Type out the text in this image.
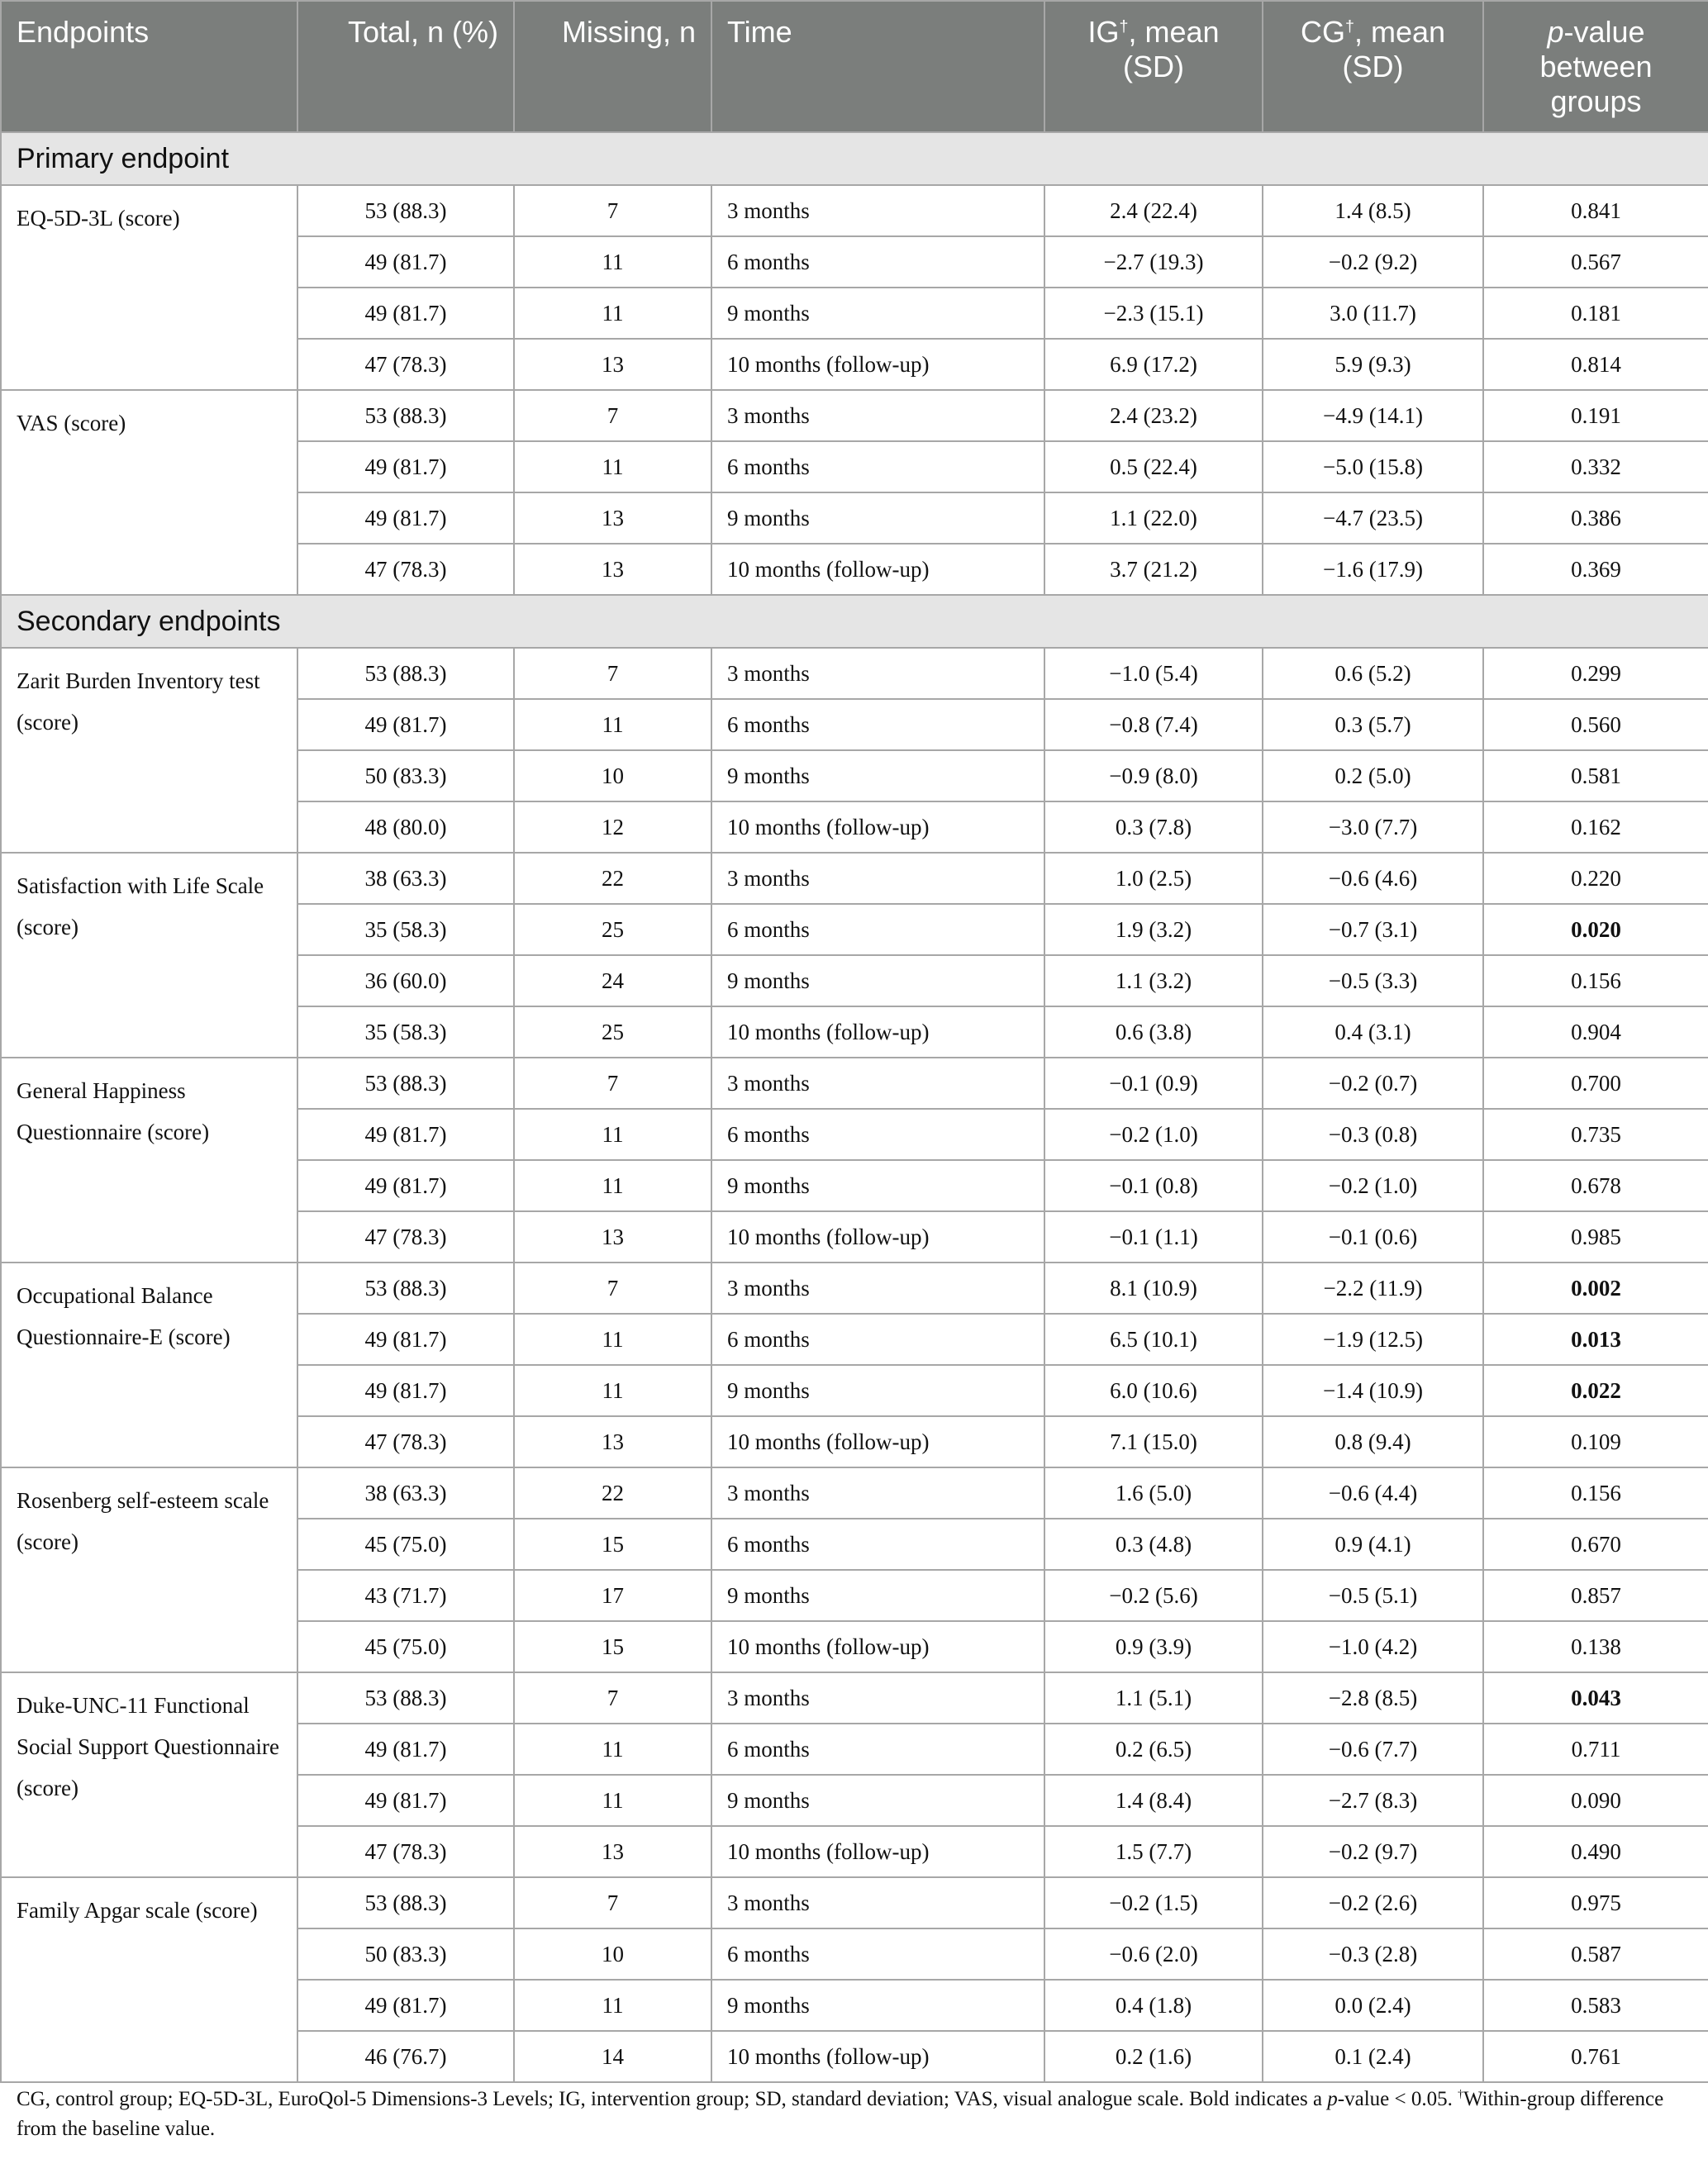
Endpoints	Total, n (%)	Missing, n	Time	IG†, mean (SD)	CG†, mean (SD)	p-value between groups
Primary endpoint						
EQ-5D-3L (score)	53 (88.3)	7	3 months	2.4 (22.4)	1.4 (8.5)	0.841
	49 (81.7)	11	6 months	−2.7 (19.3)	−0.2 (9.2)	0.567
	49 (81.7)	11	9 months	−2.3 (15.1)	3.0 (11.7)	0.181
	47 (78.3)	13	10 months (follow-up)	6.9 (17.2)	5.9 (9.3)	0.814
VAS (score)	53 (88.3)	7	3 months	2.4 (23.2)	−4.9 (14.1)	0.191
	49 (81.7)	11	6 months	0.5 (22.4)	−5.0 (15.8)	0.332
	49 (81.7)	13	9 months	1.1 (22.0)	−4.7 (23.5)	0.386
	47 (78.3)	13	10 months (follow-up)	3.7 (21.2)	−1.6 (17.9)	0.369
Secondary endpoints						
Zarit Burden Inventory test (score)	53 (88.3)	7	3 months	−1.0 (5.4)	0.6 (5.2)	0.299
	49 (81.7)	11	6 months	−0.8 (7.4)	0.3 (5.7)	0.560
	50 (83.3)	10	9 months	−0.9 (8.0)	0.2 (5.0)	0.581
	48 (80.0)	12	10 months (follow-up)	0.3 (7.8)	−3.0 (7.7)	0.162
Satisfaction with Life Scale (score)	38 (63.3)	22	3 months	1.0 (2.5)	−0.6 (4.6)	0.220
	35 (58.3)	25	6 months	1.9 (3.2)	−0.7 (3.1)	0.020
	36 (60.0)	24	9 months	1.1 (3.2)	−0.5 (3.3)	0.156
	35 (58.3)	25	10 months (follow-up)	0.6 (3.8)	0.4 (3.1)	0.904
General Happiness Questionnaire (score)	53 (88.3)	7	3 months	−0.1 (0.9)	−0.2 (0.7)	0.700
	49 (81.7)	11	6 months	−0.2 (1.0)	−0.3 (0.8)	0.735
	49 (81.7)	11	9 months	−0.1 (0.8)	−0.2 (1.0)	0.678
	47 (78.3)	13	10 months (follow-up)	−0.1 (1.1)	−0.1 (0.6)	0.985
Occupational Balance Questionnaire-E (score)	53 (88.3)	7	3 months	8.1 (10.9)	−2.2 (11.9)	0.002
	49 (81.7)	11	6 months	6.5 (10.1)	−1.9 (12.5)	0.013
	49 (81.7)	11	9 months	6.0 (10.6)	−1.4 (10.9)	0.022
	47 (78.3)	13	10 months (follow-up)	7.1 (15.0)	0.8 (9.4)	0.109
Rosenberg self-esteem scale (score)	38 (63.3)	22	3 months	1.6 (5.0)	−0.6 (4.4)	0.156
	45 (75.0)	15	6 months	0.3 (4.8)	0.9 (4.1)	0.670
	43 (71.7)	17	9 months	−0.2 (5.6)	−0.5 (5.1)	0.857
	45 (75.0)	15	10 months (follow-up)	0.9 (3.9)	−1.0 (4.2)	0.138
Duke-UNC-11 Functional Social Support Questionnaire (score)	53 (88.3)	7	3 months	1.1 (5.1)	−2.8 (8.5)	0.043
	49 (81.7)	11	6 months	0.2 (6.5)	−0.6 (7.7)	0.711
	49 (81.7)	11	9 months	1.4 (8.4)	−2.7 (8.3)	0.090
	47 (78.3)	13	10 months (follow-up)	1.5 (7.7)	−0.2 (9.7)	0.490
Family Apgar scale (score)	53 (88.3)	7	3 months	−0.2 (1.5)	−0.2 (2.6)	0.975
	50 (83.3)	10	6 months	−0.6 (2.0)	−0.3 (2.8)	0.587
	49 (81.7)	11	9 months	0.4 (1.8)	0.0 (2.4)	0.583
	46 (76.7)	14	10 months (follow-up)	0.2 (1.6)	0.1 (2.4)	0.761
CG, control group; EQ-5D-3L, EuroQol-5 Dimensions-3 Levels; IG, intervention group; SD, standard deviation; VAS, visual analogue scale. Bold indicates a p-value < 0.05. †Within-group difference from the baseline value.
